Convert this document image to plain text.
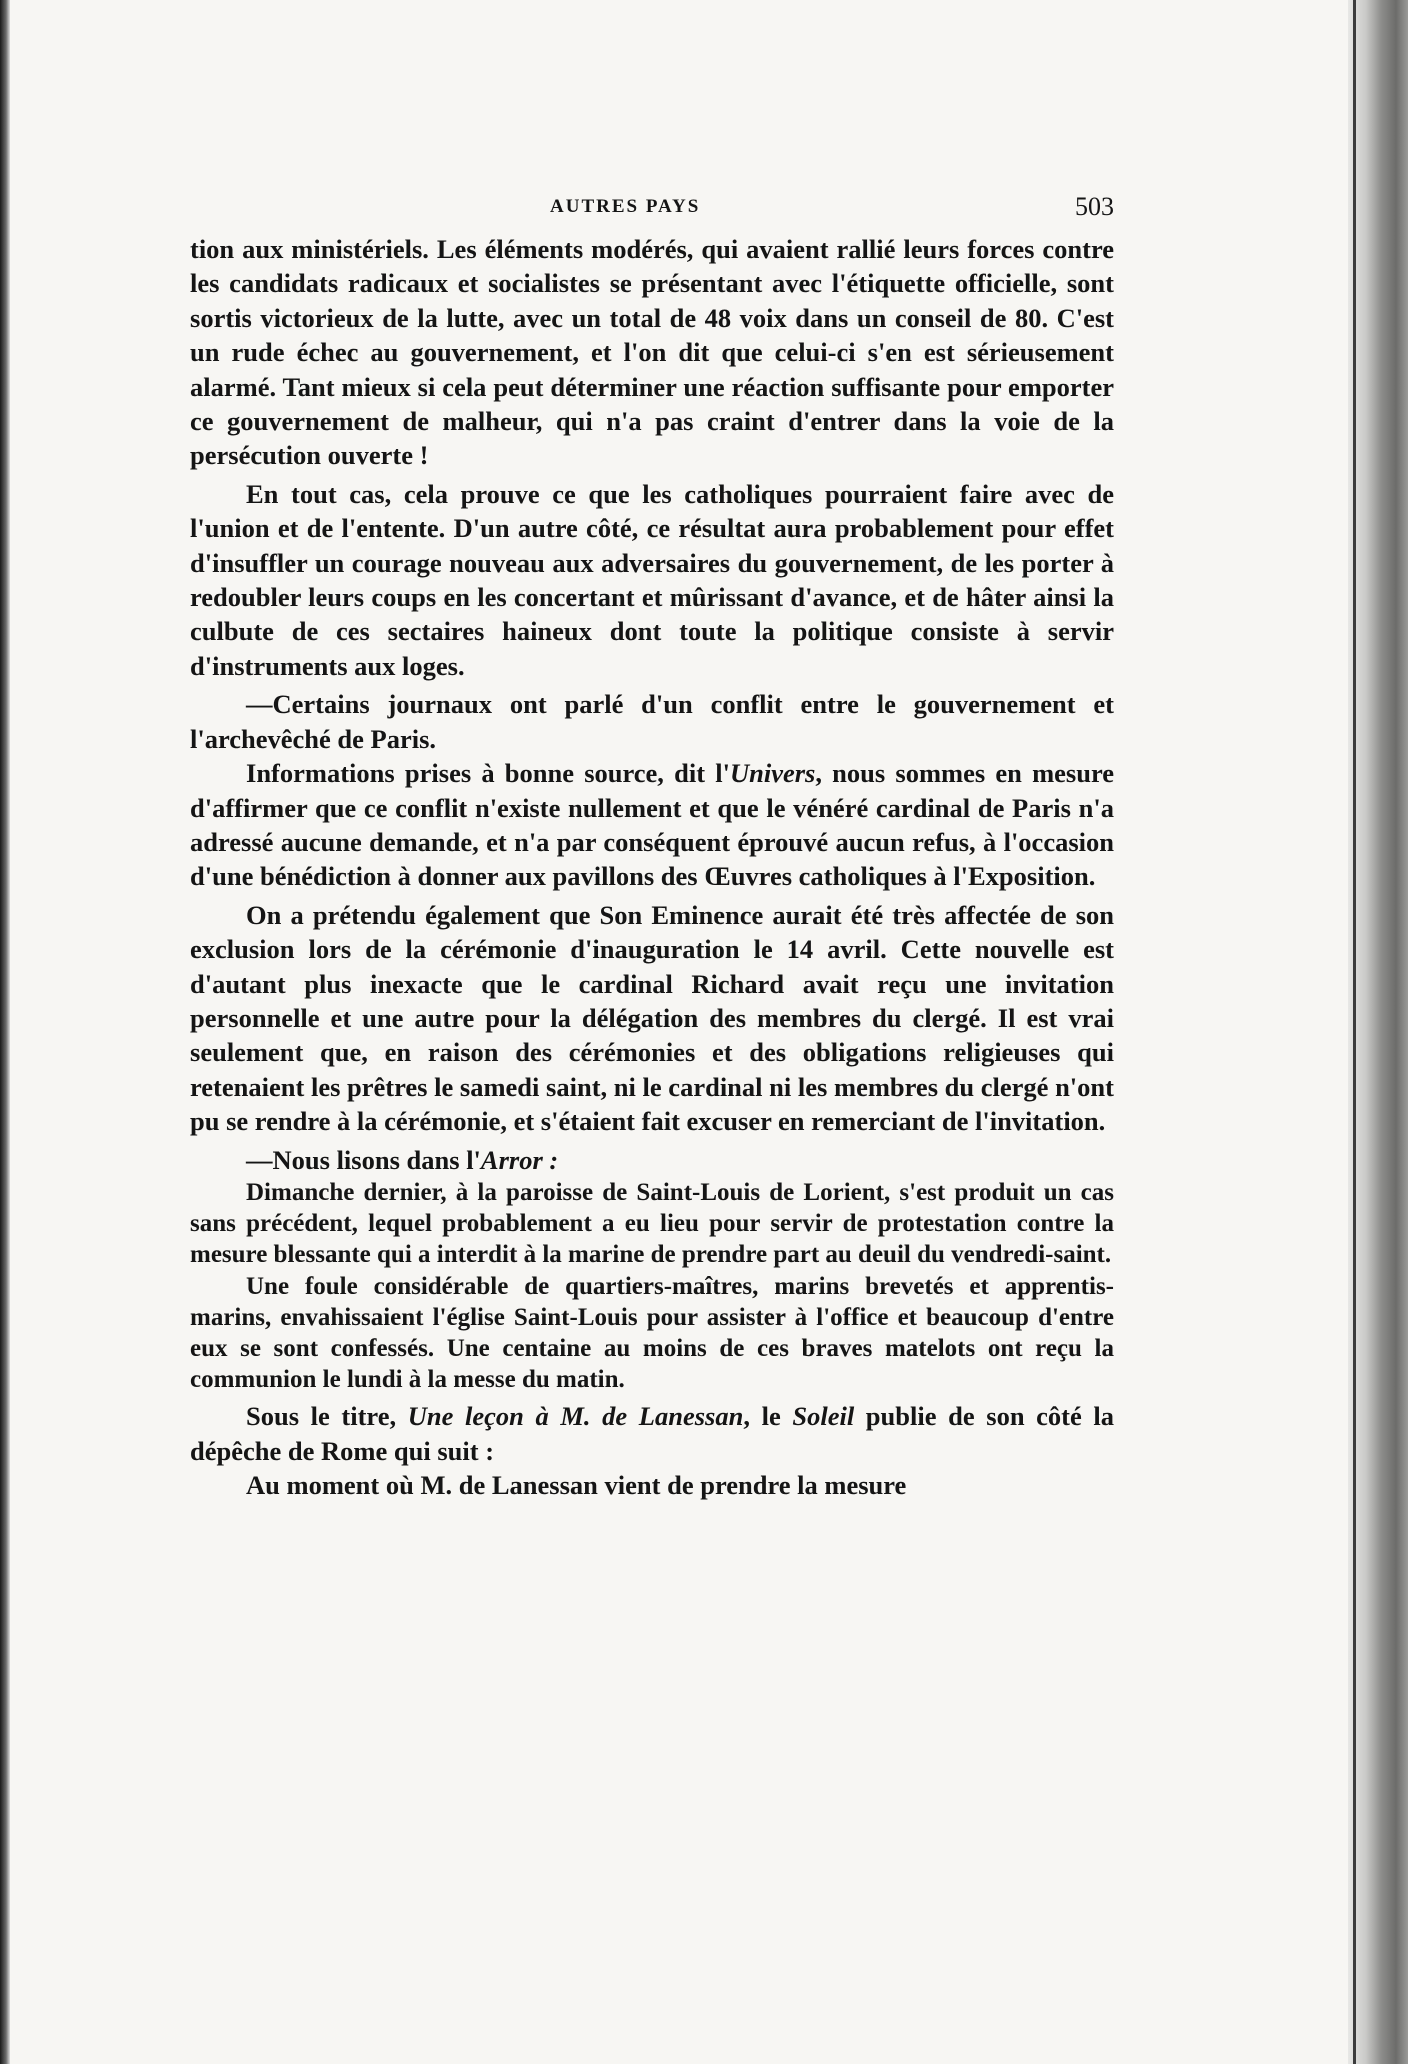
AUTRES PAYS	503

tion aux ministériels. Les éléments modérés, qui avaient rallié leurs forces contre les candidats radicaux et socialistes se présentant avec l'étiquette officielle, sont sortis victorieux de la lutte, avec un total de 48 voix dans un conseil de 80. C'est un rude échec au gouvernement, et l'on dit que celui-ci s'en est sérieusement alarmé. Tant mieux si cela peut déterminer une réaction suffisante pour emporter ce gouvernement de malheur, qui n'a pas craint d'entrer dans la voie de la persécution ouverte !

En tout cas, cela prouve ce que les catholiques pourraient faire avec de l'union et de l'entente. D'un autre côté, ce résultat aura probablement pour effet d'insuffler un courage nouveau aux adversaires du gouvernement, de les porter à redoubler leurs coups en les concertant et mûrissant d'avance, et de hâter ainsi la culbute de ces sectaires haineux dont toute la politique consiste à servir d'instruments aux loges.

—Certains journaux ont parlé d'un conflit entre le gouvernement et l'archevêché de Paris.

Informations prises à bonne source, dit l'Univers, nous sommes en mesure d'affirmer que ce conflit n'existe nullement et que le vénéré cardinal de Paris n'a adressé aucune demande, et n'a par conséquent éprouvé aucun refus, à l'occasion d'une bénédiction à donner aux pavillons des Œuvres catholiques à l'Exposition.

On a prétendu également que Son Eminence aurait été très affectée de son exclusion lors de la cérémonie d'inauguration le 14 avril. Cette nouvelle est d'autant plus inexacte que le cardinal Richard avait reçu une invitation personnelle et une autre pour la délégation des membres du clergé. Il est vrai seulement que, en raison des cérémonies et des obligations religieuses qui retenaient les prêtres le samedi saint, ni le cardinal ni les membres du clergé n'ont pu se rendre à la cérémonie, et s'étaient fait excuser en remerciant de l'invitation.

—Nous lisons dans l'Arror :

Dimanche dernier, à la paroisse de Saint-Louis de Lorient, s'est produit un cas sans précédent, lequel probablement a eu lieu pour servir de protestation contre la mesure blessante qui a interdit à la marine de prendre part au deuil du vendredi-saint.

Une foule considérable de quartiers-maîtres, marins brevetés et apprentis-marins, envahissaient l'église Saint-Louis pour assister à l'office et beaucoup d'entre eux se sont confessés. Une centaine au moins de ces braves matelots ont reçu la communion le lundi à la messe du matin.

Sous le titre, Une leçon à M. de Lanessan, le Soleil publie de son côté la dépêche de Rome qui suit :

Au moment où M. de Lanessan vient de prendre la mesure
